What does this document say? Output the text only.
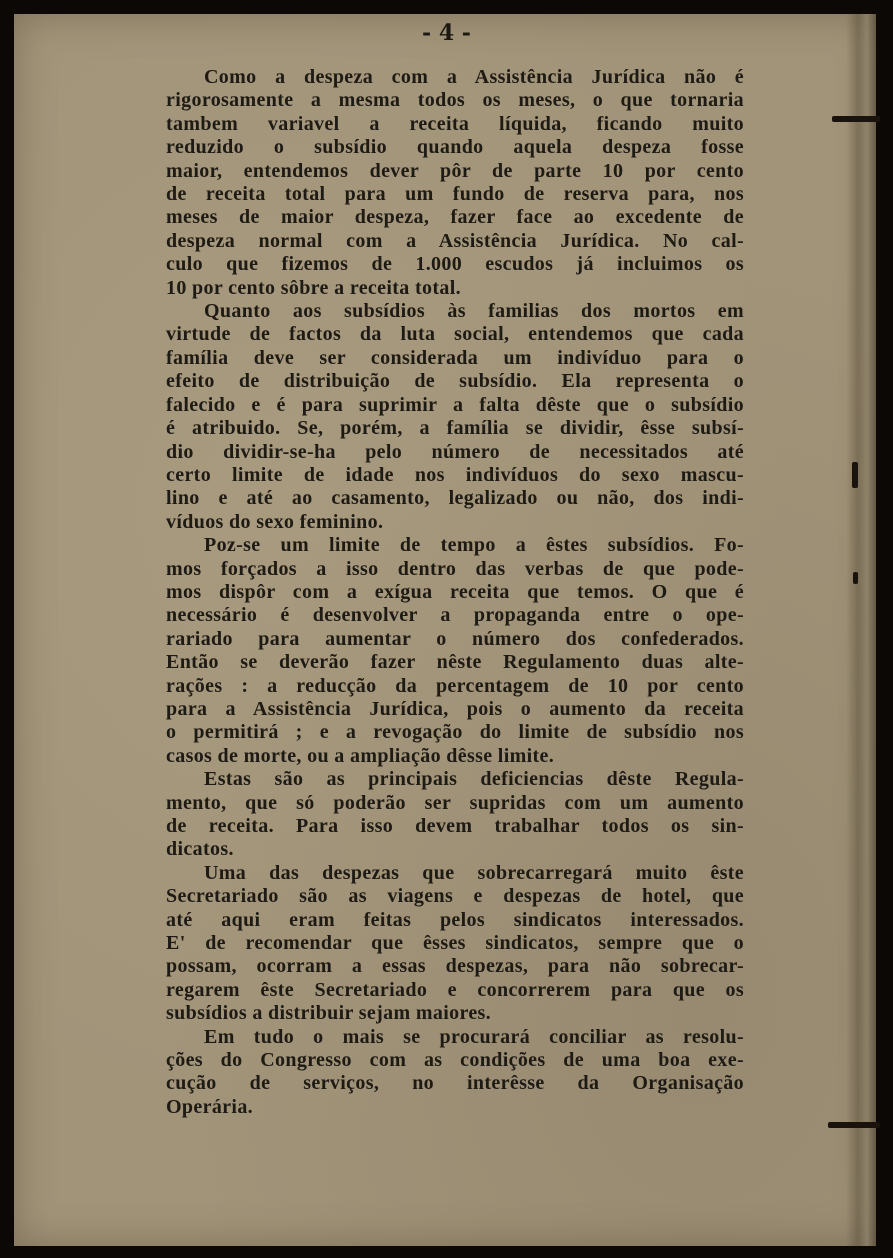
- 4 -

Como a despeza com a Assistência Jurídica não é
rigorosamente a mesma todos os meses, o que tornaria
tambem variavel a receita líquida, ficando muito
reduzido o subsídio quando aquela despeza fosse
maior, entendemos dever pôr de parte 10 por cento
de receita total para um fundo de reserva para, nos
meses de maior despeza, fazer face ao excedente de
despeza normal com a Assistência Jurídica. No cal-
culo que fizemos de 1.000 escudos já incluimos os
10 por cento sôbre a receita total.

Quanto aos subsídios às familias dos mortos em
virtude de factos da luta social, entendemos que cada
família deve ser considerada um indivíduo para o
efeito de distribuição de subsídio. Ela representa o
falecido e é para suprimir a falta dêste que o subsídio
é atribuido. Se, porém, a família se dividir, êsse subsí-
dio dividir-se-ha pelo número de necessitados até
certo limite de idade nos indivíduos do sexo mascu-
lino e até ao casamento, legalizado ou não, dos indi-
víduos do sexo feminino.

Poz-se um limite de tempo a êstes subsídios. Fo-
mos forçados a isso dentro das verbas de que pode-
mos dispôr com a exígua receita que temos. O que é
necessário é desenvolver a propaganda entre o ope-
rariado para aumentar o número dos confederados.
Então se deverão fazer nêste Regulamento duas alte-
rações : a reducção da percentagem de 10 por cento
para a Assistência Jurídica, pois o aumento da receita
o permitirá ; e a revogação do limite de subsídio nos
casos de morte, ou a ampliação dêsse limite.

Estas são as principais deficiencias dêste Regula-
mento, que só poderão ser supridas com um aumento
de receita. Para isso devem trabalhar todos os sin-
dicatos.

Uma das despezas que sobrecarregará muito êste
Secretariado são as viagens e despezas de hotel, que
até aqui eram feitas pelos sindicatos interessados.
E' de recomendar que êsses sindicatos, sempre que o
possam, ocorram a essas despezas, para não sobrecar-
regarem êste Secretariado e concorrerem para que os
subsídios a distribuir sejam maiores.

Em tudo o mais se procurará conciliar as resolu-
ções do Congresso com as condições de uma boa exe-
cução de serviços, no interêsse da Organisação
Operária.
